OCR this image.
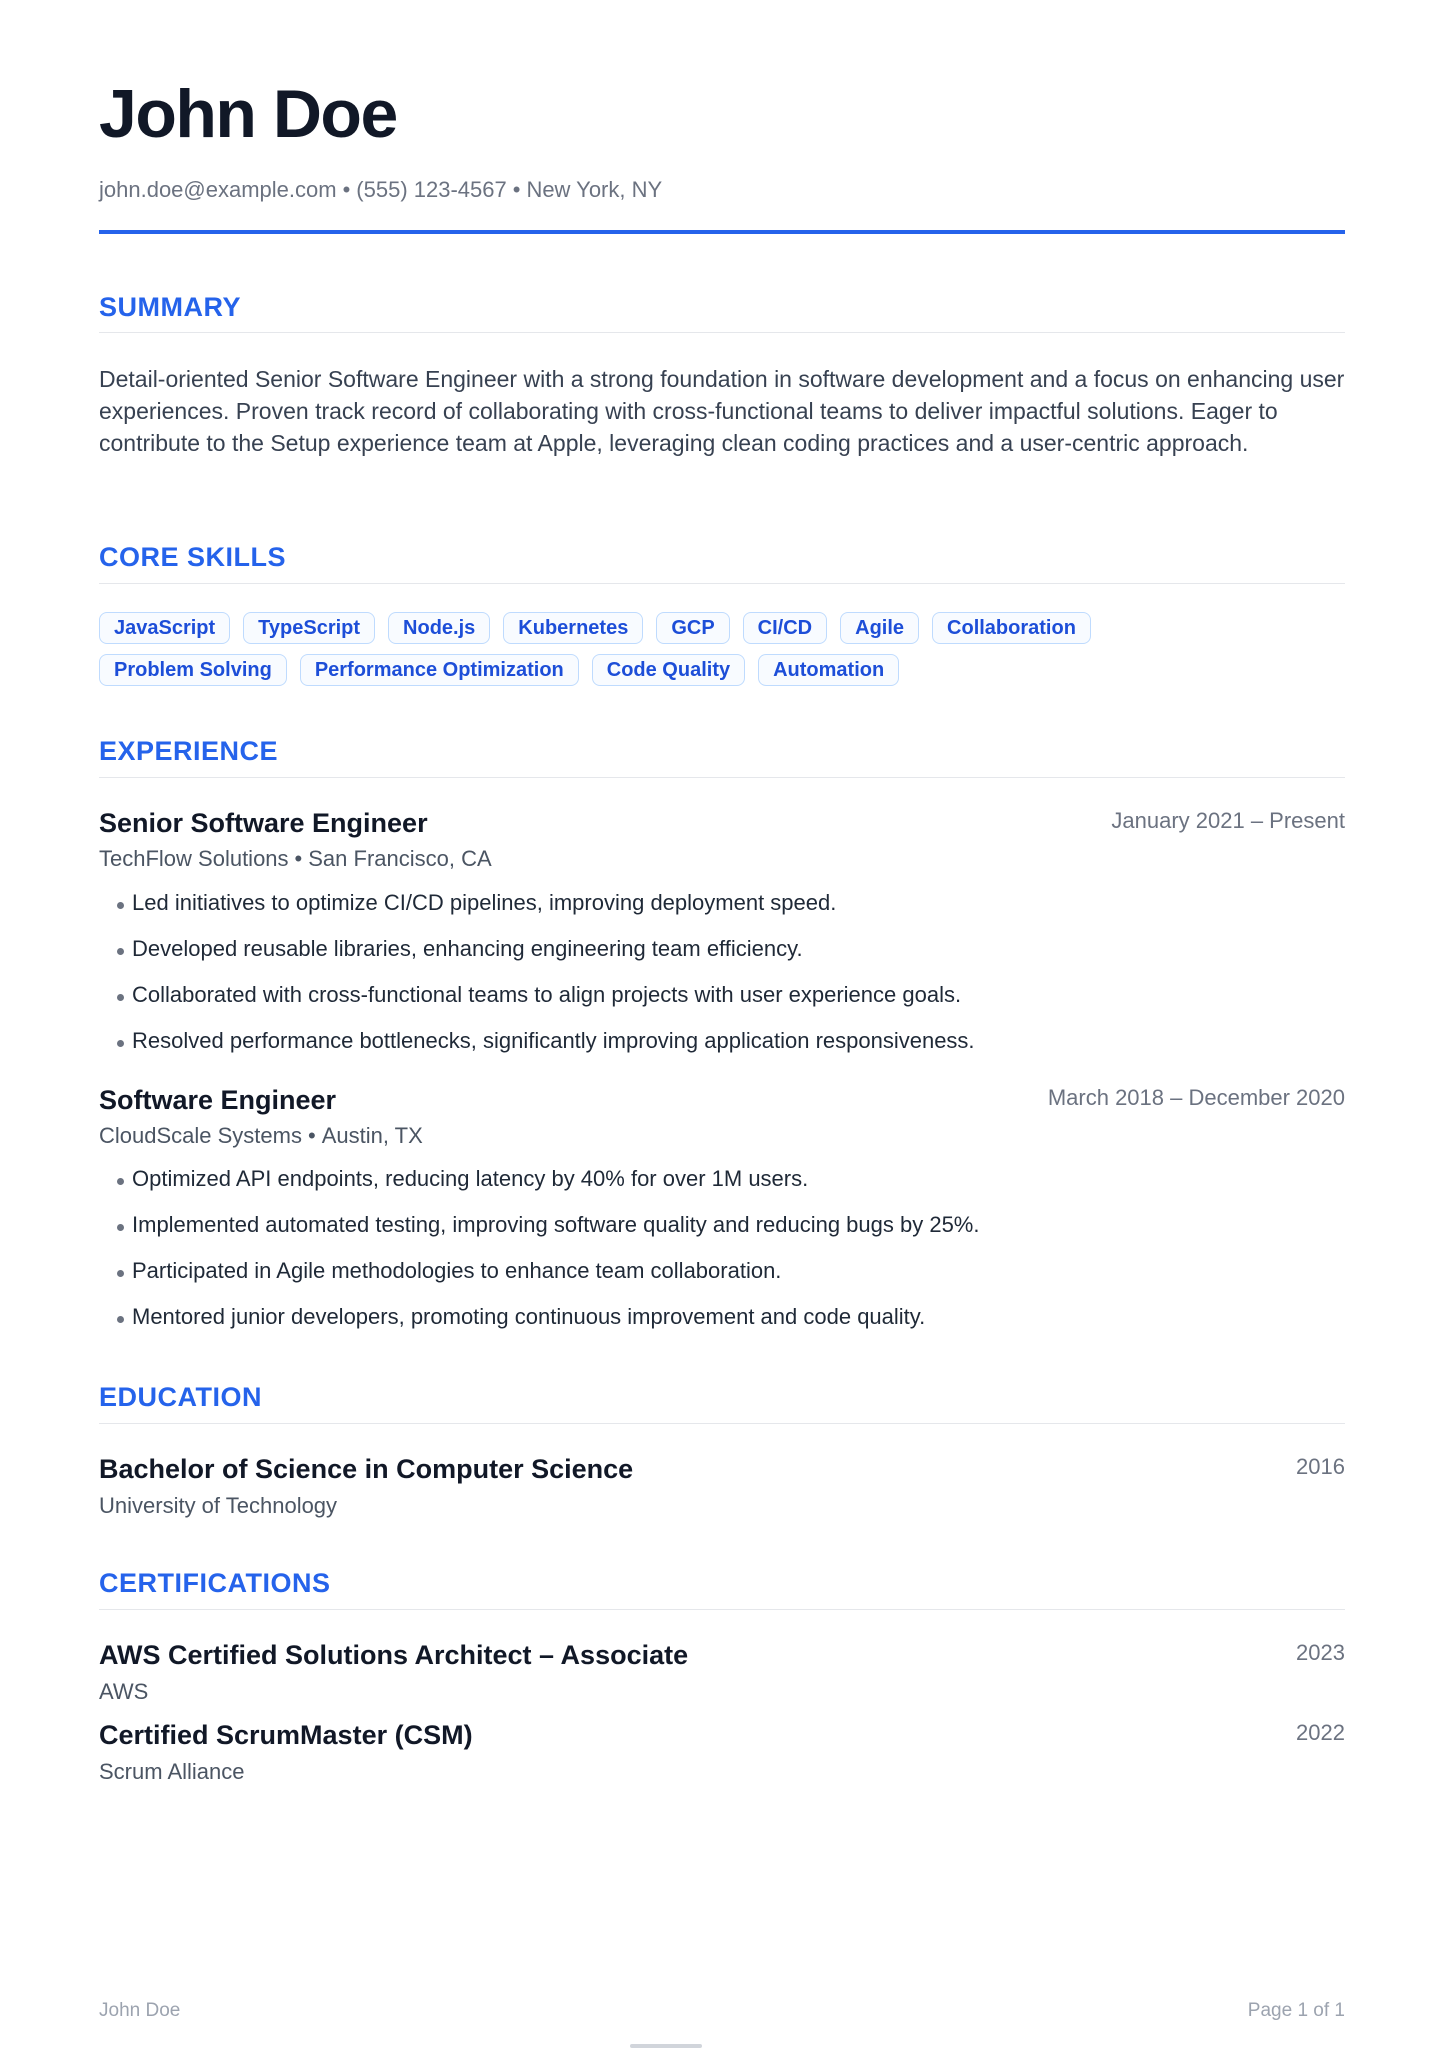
John Doe
john.doe@example.com • (555) 123-4567 • New York, NY
SUMMARY
Detail-oriented Senior Software Engineer with a strong foundation in software development and a focus on enhancing user experiences. Proven track record of collaborating with cross-functional teams to deliver impactful solutions. Eager to contribute to the Setup experience team at Apple, leveraging clean coding practices and a user-centric approach.
CORE SKILLS
JavaScript	TypeScript	Node.js	Kubernetes	GCP	CI/CD	Agile	Collaboration
Problem Solving	Performance Optimization	Code Quality	Automation
EXPERIENCE
Senior Software Engineer	January 2021 – Present
TechFlow Solutions • San Francisco, CA
Led initiatives to optimize CI/CD pipelines, improving deployment speed.
Developed reusable libraries, enhancing engineering team efficiency.
Collaborated with cross-functional teams to align projects with user experience goals.
Resolved performance bottlenecks, significantly improving application responsiveness.
Software Engineer	March 2018 – December 2020
CloudScale Systems • Austin, TX
Optimized API endpoints, reducing latency by 40% for over 1M users.
Implemented automated testing, improving software quality and reducing bugs by 25%.
Participated in Agile methodologies to enhance team collaboration.
Mentored junior developers, promoting continuous improvement and code quality.
EDUCATION
Bachelor of Science in Computer Science	2016
University of Technology
CERTIFICATIONS
AWS Certified Solutions Architect – Associate	2023
AWS
Certified ScrumMaster (CSM)	2022
Scrum Alliance
John Doe	Page 1 of 1
